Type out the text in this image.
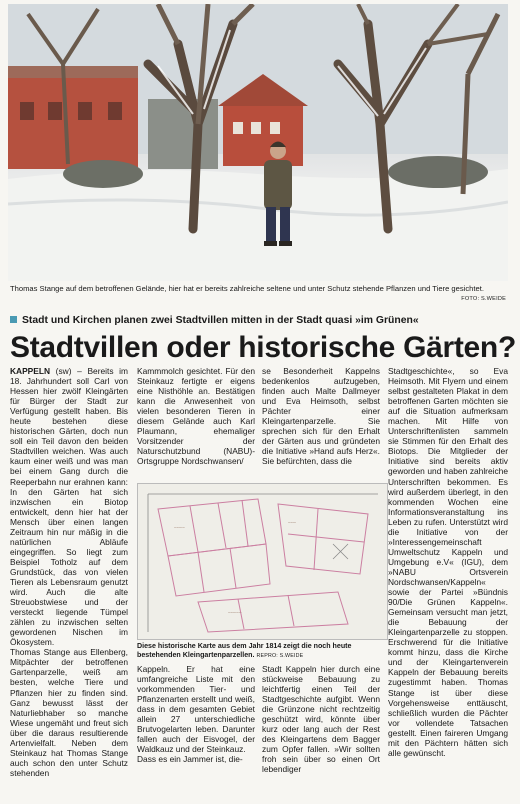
Thomas Stange auf dem betroffenen Gelände, hier hat er bereits zahlreiche seltene und unter Schutz stehende Pflanzen und Tiere gesichtet.
FOTO: S.WEIDE
Stadt und Kirchen planen zwei Stadtvillen mitten in der Stadt quasi »im Grünen«
Stadtvillen oder historische Gärten?

KAPPELN (sw) – Bereits im 18. Jahrhundert soll Carl von Hessen hier zwölf Kleingärten für Bürger der Stadt zur Verfügung gestellt haben. Bis heute bestehen diese historischen Gärten, doch nun soll ein Teil davon den beiden Stadtvillen weichen. Was auch kaum einer weiß und was man bei einem Gang durch die Reeperbahn nur erahnen kann: In den Gärten hat sich inzwischen ein Biotop entwickelt, denn hier hat der Mensch über einen langen Zeitraum hin nur mäßig in die natürlichen Abläufe eingegriffen. So liegt zum Beispiel Totholz auf dem Grundstück, das von vielen Tieren als Lebensraum genutzt wird. Auch die alte Streuobstwiese und der versteckt liegende Tümpel zählen zu inzwischen selten gewordenen Nischen im Ökosystem.

Thomas Stange aus Ellenberg, Mitpächter der betroffenen Gartenparzelle, weiß am besten, welche Tiere und Pflanzen hier zu finden sind. Ganz bewusst lässt der Naturliebhaber so manche Wiese ungemäht und freut sich über die daraus resultierende Artenvielfalt. Neben dem Steinkauz hat Thomas Stange auch schon den unter Schutz stehenden

Kammmolch gesichtet. Für den Steinkauz fertigte er eigens eine Nisthöhle an. Bestätigen kann die Anwesenheit von vielen besonderen Tieren in diesem Gelände auch Karl Plaumann, ehemaliger Vorsitzender der Naturschutzbund (NABU)-Ortsgruppe Nordschwansen/
se Besonderheit Kappelns bedenkenlos aufzugeben, finden auch Malte Dallmeyer und Eva Heimsoth, selbst Pächter einer Kleingartenparzelle. Sie sprechen sich für den Erhalt der Gärten aus und gründeten die Initiative »Hand aufs Herz«. Sie befürchten, dass die
Stadtgeschichte«, so Eva Heimsoth. Mit Flyern und einem selbst gestalteten Plakat in dem betroffenen Garten möchten sie auf die Situation aufmerksam machen. Mit Hilfe von Unterschriftenlisten sammeln sie Stimmen für den Erhalt des Biotops. Die Mitglieder der Initiative sind bereits aktiv geworden und haben zahlreiche Unterschriften bekommen. Es wird außerdem überlegt, in den kommenden Wochen eine Informationsveranstaltung ins Leben zu rufen. Unterstützt wird die Initiative von der »Interessengemeinschaft Umweltschutz Kappeln und Umgebung e.V« (IGU), dem »NABU Ortsverein Nordschwansen/Kappeln« sowie der Partei »Bündnis 90/Die Grünen Kappeln«. Gemeinsam versucht man jetzt, die Bebauung der Kleingartenparzelle zu stoppen. Erschwerend für die Initiative kommt hinzu, dass die Kirche und der Kleingartenverein Kappeln der Bebauung bereits zugestimmt haben. Thomas Stange ist über diese Vorgehensweise enttäuscht, schließlich wurden die Pächter vor vollendete Tatsachen gestellt. Einen faireren Umgang mit den Pächtern hätten sich alle gewünscht.
~~~~
~~~
~~~~~
Diese historische Karte aus dem Jahr 1814 zeigt die noch heute bestehenden Kleingartenparzellen. REPRO: S.WEIDE
Kappeln. Er hat eine umfangreiche Liste mit den vorkommenden Tier- und Pflanzenarten erstellt und weiß, dass in dem gesamten Gebiet allein 27 unterschiedliche Brutvogelarten leben. Darunter fallen auch der Eisvogel, der Waldkauz und der Steinkauz.
Dass es ein Jammer ist, die-
Stadt Kappeln hier durch eine stückweise Bebauung zu leichtfertig einen Teil der Stadtgeschichte aufgibt. Wenn die Grünzone nicht rechtzeitig geschützt wird, könnte über kurz oder lang auch der Rest des Kleingartens dem Bagger zum Opfer fallen. »Wir sollten froh sein über so einen Ort lebendiger
